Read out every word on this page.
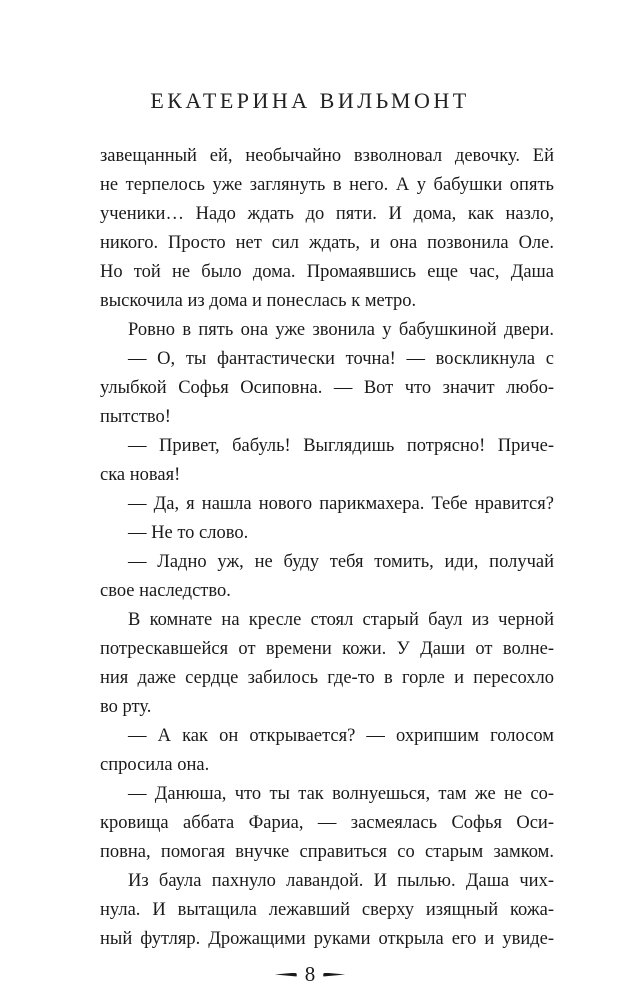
ЕКАТЕРИНА ВИЛЬМОНТ
завещанный ей, необычайно взволновал девочку. Ей
не терпелось уже заглянуть в него. А у бабушки опять
ученики… Надо ждать до пяти. И дома, как назло,
никого. Просто нет сил ждать, и она позвонила Оле.
Но той не было дома. Промаявшись еще час, Даша
выскочила из дома и понеслась к метро.
Ровно в пять она уже звонила у бабушкиной двери.
— О, ты фантастически точна! — воскликнула с
улыбкой Софья Осиповна. — Вот что значит любо-
пытство!
— Привет, бабуль! Выглядишь потрясно! Приче-
ска новая!
— Да, я нашла нового парикмахера. Тебе нравится?
— Не то слово.
— Ладно уж, не буду тебя томить, иди, получай
свое наследство.
В комнате на кресле стоял старый баул из черной
потрескавшейся от времени кожи. У Даши от волне-
ния даже сердце забилось где-то в горле и пересохло
во рту.
— А как он открывается? — охрипшим голосом
спросила она.
— Данюша, что ты так волнуешься, там же не со-
кровища аббата Фариа, — засмеялась Софья Оси-
повна, помогая внучке справиться со старым замком.
Из баула пахнуло лавандой. И пылью. Даша чих-
нула. И вытащила лежавший сверху изящный кожа-
ный футляр. Дрожащими руками открыла его и увиде-
8
